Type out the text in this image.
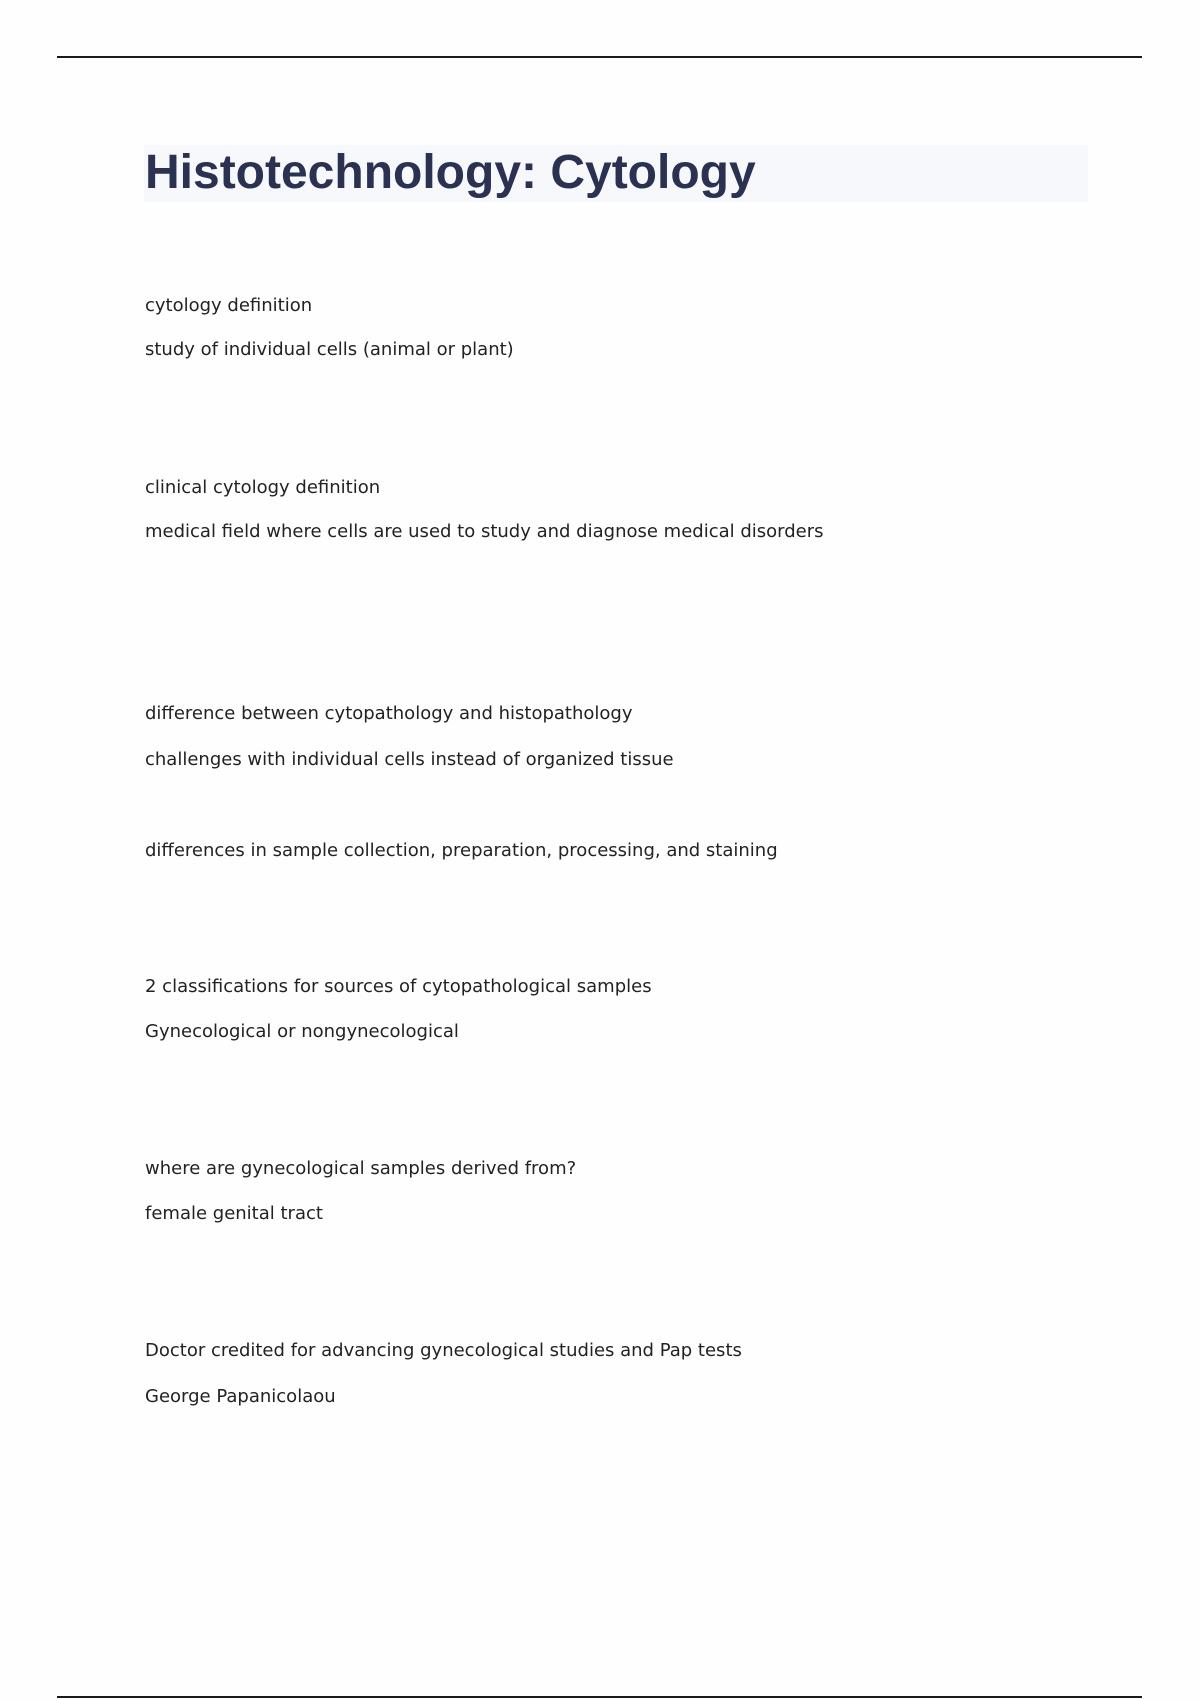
Histotechnology: Cytology

cytology definition

study of individual cells (animal or plant)

clinical cytology definition

medical field where cells are used to study and diagnose medical disorders

difference between cytopathology and histopathology

challenges with individual cells instead of organized tissue

differences in sample collection, preparation, processing, and staining

2 classifications for sources of cytopathological samples

Gynecological or nongynecological

where are gynecological samples derived from?

female genital tract

Doctor credited for advancing gynecological studies and Pap tests

George Papanicolaou
